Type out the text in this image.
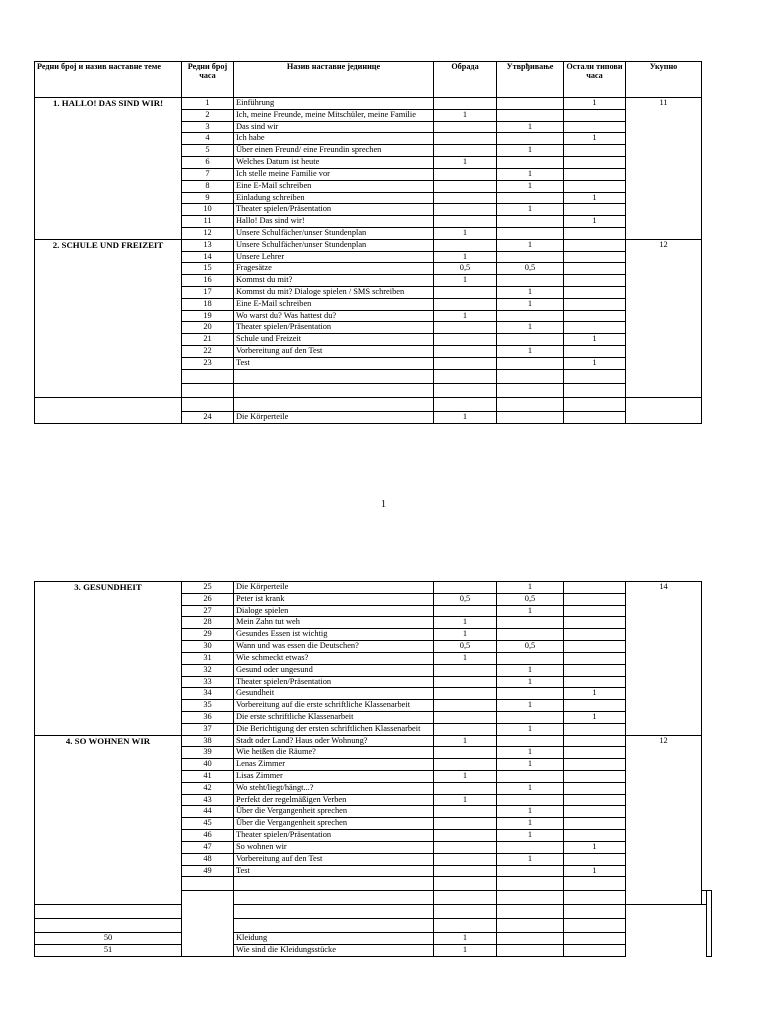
Редни број и назив наставне теме	Редни број часа	Назив наставне јединице	Обрада	Утврђивање	Остали типови часа	Укупно
1. HALLO! DAS SIND WIR!	1	Einführung			1	11
	2	Ich, meine Freunde, meine Mitschüler, meine Familie	1			
	3	Das sind wir		1		
	4	Ich habe			1	
	5	Über einen Freund/ eine Freundin sprechen		1		
	6	Welches Datum ist heute	1			
	7	Ich stelle meine Familie vor		1		
	8	Eine E-Mail schreiben		1		
	9	Einladung schreiben			1	
	10	Theater spielen/Präsentation		1		
	11	Hallo! Das sind wir!			1	
	12	Unsere Schulfächer/unser Stundenplan	1			
2. SCHULE UND FREIZEIT	13	Unsere Schulfächer/unser Stundenplan		1		12
	14	Unsere Lehrer	1			
	15	Fragesätze	0,5	0,5		
	16	Kommst du mit?	1			
	17	Kommst du mit? Dialoge spielen / SMS schreiben		1		
	18	Eine E-Mail schreiben		1		
	19	Wo warst du? Was hattest du?	1			
	20	Theater spielen/Präsentation		1		
	21	Schule und Freizeit			1	
	22	Vorbereitung auf den Test		1		
	23	Test			1	

	24	Die Körperteile	1			
1
3. GESUNDHEIT	25	Die Körperteile		1		14		
	26	Peter ist krank	0,5	0,5				
	27	Dialoge spielen		1				
	28	Mein Zahn tut weh	1					
	29	Gesundes Essen ist wichtig	1					
	30	Wann und was essen die Deutschen?	0,5	0,5				
	31	Wie schmeckt etwas?	1					
	32	Gesund oder ungesund		1				
	33	Theater spielen/Präsentation		1				
	34	Gesundheit			1			
	35	Vorbereitung auf die erste schriftliche Klassenarbeit		1				
	36	Die erste schriftliche Klassenarbeit			1			
	37	Die Berichtigung der ersten schriftlichen Klassenarbeit		1				
4. SO WOHNEN WIR	38	Stadt oder Land? Haus oder Wohnung?	1			12		
	39	Wie heißen die Räume?		1				
	40	Lenas Zimmer		1				
	41	Lisas Zimmer	1					
	42	Wo steht/liegt/hängt...?		1				
	43	Perfekt der regelmäßigen Verben	1					
	44	Über die Vergangenheit sprechen		1				
	45	Über die Vergangenheit sprechen		1				
	46	Theater spielen/Präsentation		1				
	47	So wohnen wir			1			
	48	Vorbereitung auf den Test		1				
	49	Test			1			

50		Kleidung	1					
51		Wie sind die Kleidungsstücke	1					
